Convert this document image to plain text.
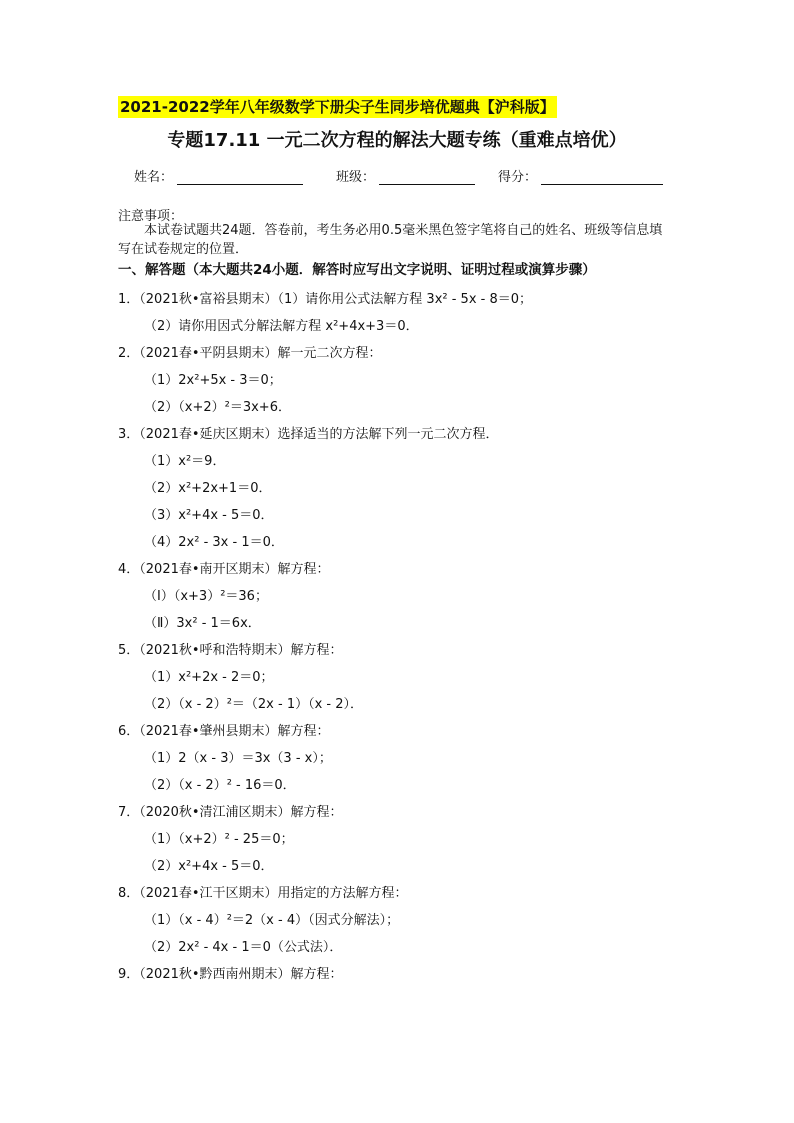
2021-2022学年八年级数学下册尖子生同步培优题典【沪科版】
专题17.11 一元二次方程的解法大题专练（重难点培优）
姓名：	班级：	得分：
注意事项：
本试卷试题共24题．答卷前，考生务必用0.5毫米黑色签字笔将自己的姓名、班级等信息填写在试卷规定的位置．
一、解答题（本大题共24小题．解答时应写出文字说明、证明过程或演算步骤）
1．（2021秋•富裕县期末）（1）请你用公式法解方程 3x² - 5x - 8＝0；
（2）请你用因式分解法解方程 x²+4x+3＝0．
2．（2021春•平阴县期末）解一元二次方程：
（1）2x²+5x - 3＝0；
（2）（x+2）²＝3x+6．
3．（2021春•延庆区期末）选择适当的方法解下列一元二次方程．
（1）x²＝9．
（2）x²+2x+1＝0．
（3）x²+4x - 5＝0．
（4）2x² - 3x - 1＝0．
4．（2021春•南开区期末）解方程：
（Ⅰ）（x+3）²＝36；
（Ⅱ）3x² - 1＝6x．
5．（2021秋•呼和浩特期末）解方程：
（1）x²+2x - 2＝0；
（2）（x - 2）²＝（2x - 1）（x - 2）．
6．（2021春•肇州县期末）解方程：
（1）2（x - 3）＝3x（3 - x）；
（2）（x - 2）² - 16＝0．
7．（2020秋•清江浦区期末）解方程：
（1）（x+2）² - 25＝0；
（2）x²+4x - 5＝0．
8．（2021春•江干区期末）用指定的方法解方程：
（1）（x - 4）²＝2（x - 4）（因式分解法）；
（2）2x² - 4x - 1＝0（公式法）．
9．（2021秋•黔西南州期末）解方程：
